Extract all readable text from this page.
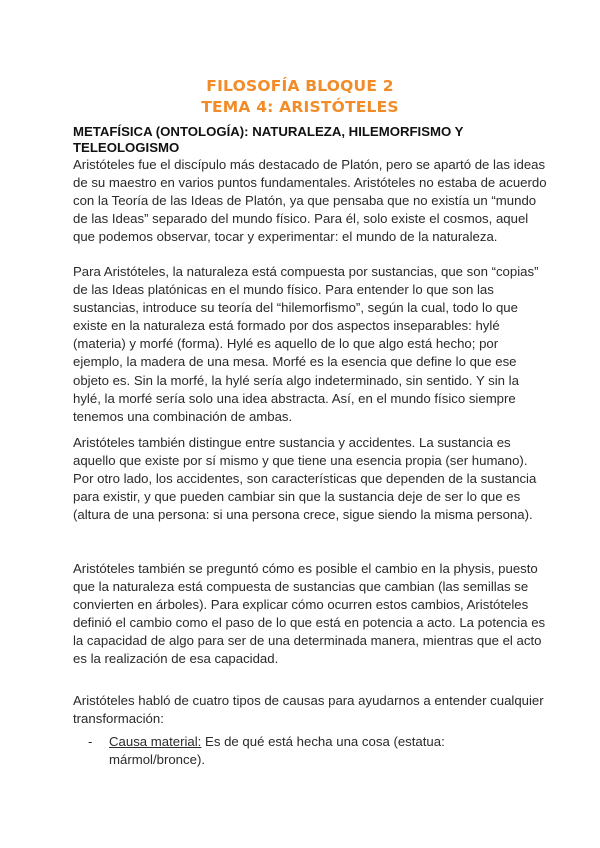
FILOSOFÍA BLOQUE 2
TEMA 4: ARISTÓTELES
METAFÍSICA (ONTOLOGÍA): NATURALEZA, HILEMORFISMO Y TELEOLOGISMO
Aristóteles fue el discípulo más destacado de Platón, pero se apartó de las ideas de su maestro en varios puntos fundamentales. Aristóteles no estaba de acuerdo con la Teoría de las Ideas de Platón, ya que pensaba que no existía un “mundo de las Ideas” separado del mundo físico. Para él, solo existe el cosmos, aquel que podemos observar, tocar y experimentar: el mundo de la naturaleza.
Para Aristóteles, la naturaleza está compuesta por sustancias, que son “copias” de las Ideas platónicas en el mundo físico. Para entender lo que son las sustancias, introduce su teoría del “hilemorfismo”, según la cual, todo lo que existe en la naturaleza está formado por dos aspectos inseparables: hylé (materia) y morfé (forma). Hylé es aquello de lo que algo está hecho; por ejemplo, la madera de una mesa. Morfé es la esencia que define lo que ese objeto es. Sin la morfé, la hylé sería algo indeterminado, sin sentido. Y sin la hylé, la morfé sería solo una idea abstracta. Así, en el mundo físico siempre tenemos una combinación de ambas.
Aristóteles también distingue entre sustancia y accidentes. La sustancia es aquello que existe por sí mismo y que tiene una esencia propia (ser humano). Por otro lado, los accidentes, son características que dependen de la sustancia para existir, y que pueden cambiar sin que la sustancia deje de ser lo que es (altura de una persona: si una persona crece, sigue siendo la misma persona).
Aristóteles también se preguntó cómo es posible el cambio en la physis, puesto que la naturaleza está compuesta de sustancias que cambian (las semillas se convierten en árboles). Para explicar cómo ocurren estos cambios, Aristóteles definió el cambio como el paso de lo que está en potencia a acto. La potencia es la capacidad de algo para ser de una determinada manera, mientras que el acto es la realización de esa capacidad.
Aristóteles habló de cuatro tipos de causas para ayudarnos a entender cualquier transformación:
-	Causa material: Es de qué está hecha una cosa (estatua: mármol/bronce).
